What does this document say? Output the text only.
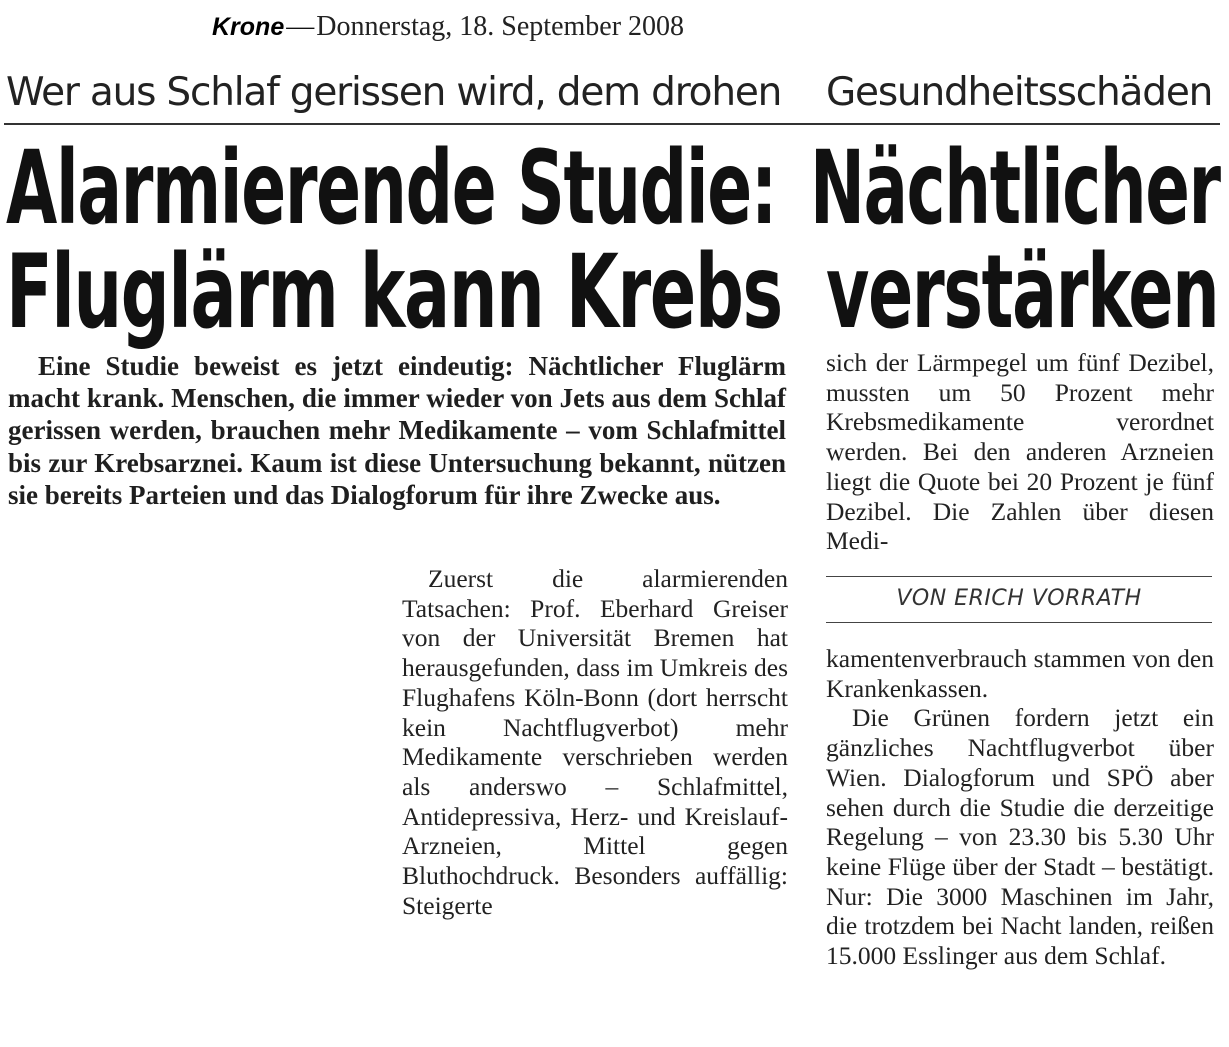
Krone—Donnerstag, 18. September 2008
Wer aus Schlaf gerissen wird, dem drohen Gesundheitsschäden
Alarmierende Studie: Nächtlicher
Fluglärm kann Krebs verstärken
Eine Studie beweist es jetzt eindeutig: Nächtlicher Fluglärm macht krank. Menschen, die immer wieder von Jets aus dem Schlaf gerissen werden, brauchen mehr Medikamente – vom Schlafmittel bis zur Krebsarznei. Kaum ist diese Untersuchung bekannt, nützen sie bereits Parteien und das Dialogforum für ihre Zwecke aus.
sich der Lärmpegel um fünf Dezibel, mussten um 50 Prozent mehr Krebsmedikamente verordnet werden. Bei den anderen Arzneien liegt die Quote bei 20 Prozent je fünf Dezibel. Die Zahlen über diesen Medi-
VON ERICH VORRATH
kamentenverbrauch stammen von den Krankenkassen.
Die Grünen fordern jetzt ein gänzliches Nachtflugverbot über Wien. Dialogforum und SPÖ aber sehen durch die Studie die derzeitige Regelung – von 23.30 bis 5.30 Uhr keine Flüge über der Stadt – bestätigt. Nur: Die 3000 Maschinen im Jahr, die trotzdem bei Nacht landen, reißen 15.000 Esslinger aus dem Schlaf.
Zuerst die alarmierenden Tatsachen: Prof. Eberhard Greiser von der Universität Bremen hat herausgefunden, dass im Umkreis des Flughafens Köln-Bonn (dort herrscht kein Nachtflugverbot) mehr Medikamente verschrieben werden als anderswo – Schlafmittel, Antidepressiva, Herz- und Kreislauf-Arzneien, Mittel gegen Bluthochdruck. Besonders auffällig: Steigerte
